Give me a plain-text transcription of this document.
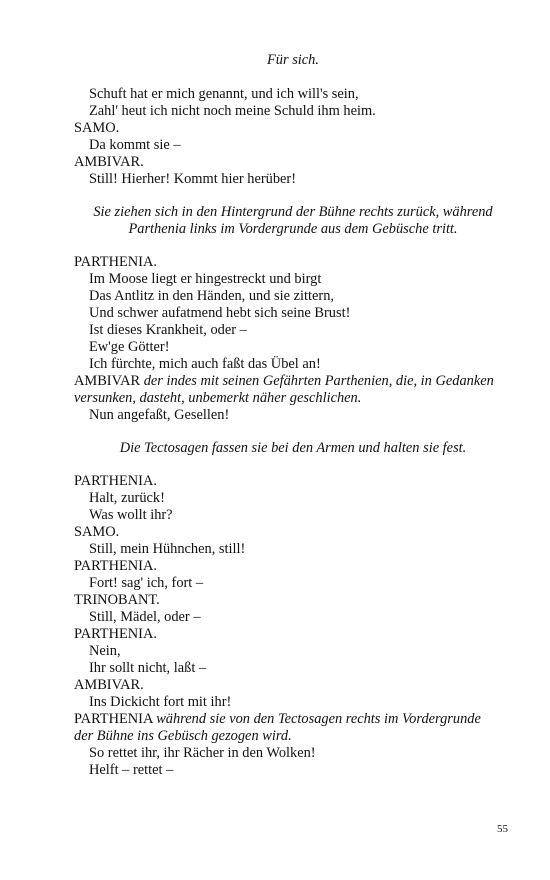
Für sich.
Schuft hat er mich genannt, und ich will's sein,
Zahl' heut ich nicht noch meine Schuld ihm heim.
SAMO.
Da kommt sie –
AMBIVAR.
Still! Hierher! Kommt hier herüber!
Sie ziehen sich in den Hintergrund der Bühne rechts zurück, während
Parthenia links im Vordergrunde aus dem Gebüsche tritt.
PARTHENIA.
Im Moose liegt er hingestreckt und birgt
Das Antlitz in den Händen, und sie zittern,
Und schwer aufatmend hebt sich seine Brust!
Ist dieses Krankheit, oder –
Ew'ge Götter!
Ich fürchte, mich auch faßt das Übel an!
AMBIVAR der indes mit seinen Gefährten Parthenien, die, in Gedanken
versunken, dasteht, unbemerkt näher geschlichen.
Nun angefaßt, Gesellen!
Die Tectosagen fassen sie bei den Armen und halten sie fest.
PARTHENIA.
Halt, zurück!
Was wollt ihr?
SAMO.
Still, mein Hühnchen, still!
PARTHENIA.
Fort! sag' ich, fort –
TRINOBANT.
Still, Mädel, oder –
PARTHENIA.
Nein,
Ihr sollt nicht, laßt –
AMBIVAR.
Ins Dickicht fort mit ihr!
PARTHENIA während sie von den Tectosagen rechts im Vordergrunde
der Bühne ins Gebüsch gezogen wird.
So rettet ihr, ihr Rächer in den Wolken!
Helft – rettet –
55
